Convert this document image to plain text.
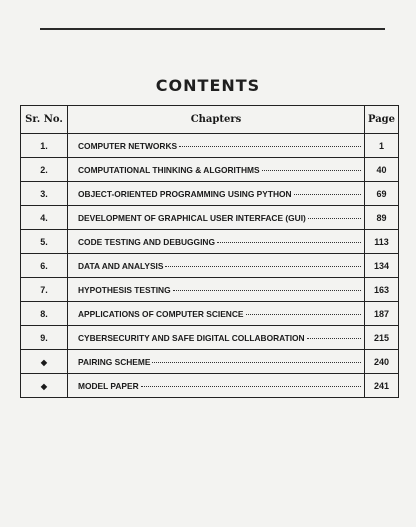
CONTENTS
Sr. No.	Chapters	Page
1.	COMPUTER NETWORKS	1
2.	COMPUTATIONAL THINKING & ALGORITHMS	40
3.	OBJECT-ORIENTED PROGRAMMING USING PYTHON	69
4.	DEVELOPMENT OF GRAPHICAL USER INTERFACE (GUI)	89
5.	CODE TESTING AND DEBUGGING	113
6.	DATA AND ANALYSIS	134
7.	HYPOTHESIS TESTING	163
8.	APPLICATIONS OF COMPUTER SCIENCE	187
9.	CYBERSECURITY AND SAFE DIGITAL COLLABORATION	215
◆	PAIRING SCHEME	240
◆	MODEL PAPER	241
